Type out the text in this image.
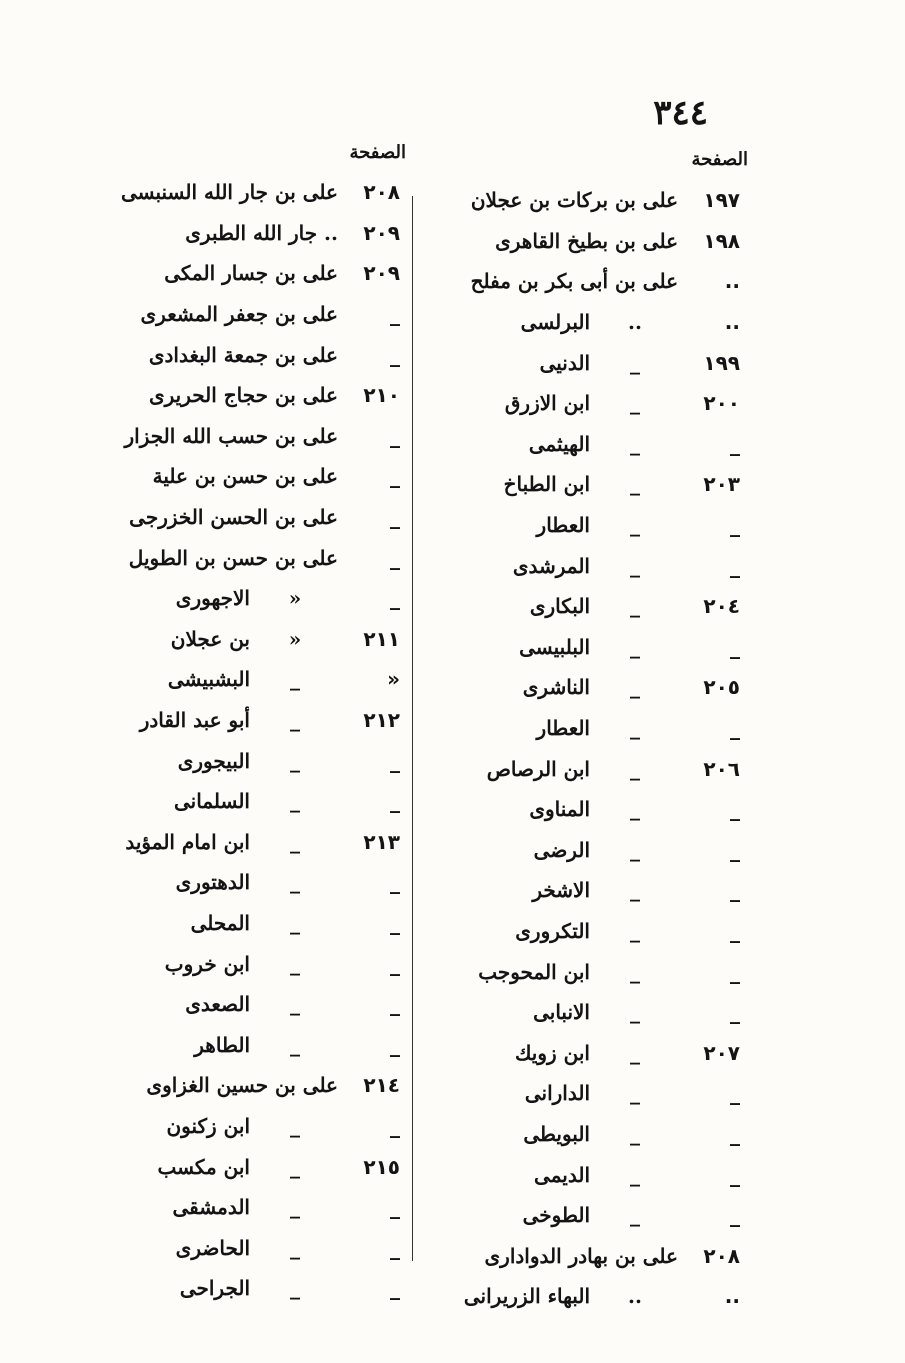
٣٤٤
الصفحة
الصفحة
١٩٧
على بن بركات بن عجلان
١٩٨
على بن بطيخ القاهرى
..
على بن أبى بكر بن مفلح
..
..
البرلسى
١٩٩
_
الدنيى
٢٠٠
_
ابن الازرق
_
_
الهيثمى
٢٠٣
_
ابن الطباخ
_
_
العطار
_
_
المرشدى
٢٠٤
_
البكارى
_
_
البلبيسى
٢٠٥
_
الناشرى
_
_
العطار
٢٠٦
_
ابن الرصاص
_
_
المناوى
_
_
الرضى
_
_
الاشخر
_
_
التكرورى
_
_
ابن المحوجب
_
_
الانبابى
٢٠٧
_
ابن زويك
_
_
الدارانى
_
_
البويطى
_
_
الديمى
_
_
الطوخى
٢٠٨
على بن بهادر الدوادارى
..
..
البهاء الزريرانى
٢٠٨
على بن جار الله السنبسى
٢٠٩
.. جار الله الطبرى
٢٠٩
على بن جسار المكى
_
على بن جعفر المشعرى
_
على بن جمعة البغدادى
٢١٠
على بن حجاج الحريرى
_
على بن حسب الله الجزار
_
على بن حسن بن علية
_
على بن الحسن الخزرجى
_
على بن حسن بن الطويل
_
«
الاجهورى
٢١١
«
بن عجلان
«
_
البشبيشى
٢١٢
_
أبو عبد القادر
_
_
البيجورى
_
_
السلمانى
٢١٣
_
ابن امام المؤيد
_
_
الدهتورى
_
_
المحلى
_
_
ابن خروب
_
_
الصعدى
_
_
الطاهر
٢١٤
على بن حسين الغزاوى
_
_
ابن زكنون
٢١٥
_
ابن مكسب
_
_
الدمشقى
_
_
الحاضرى
_
_
الجراحى
